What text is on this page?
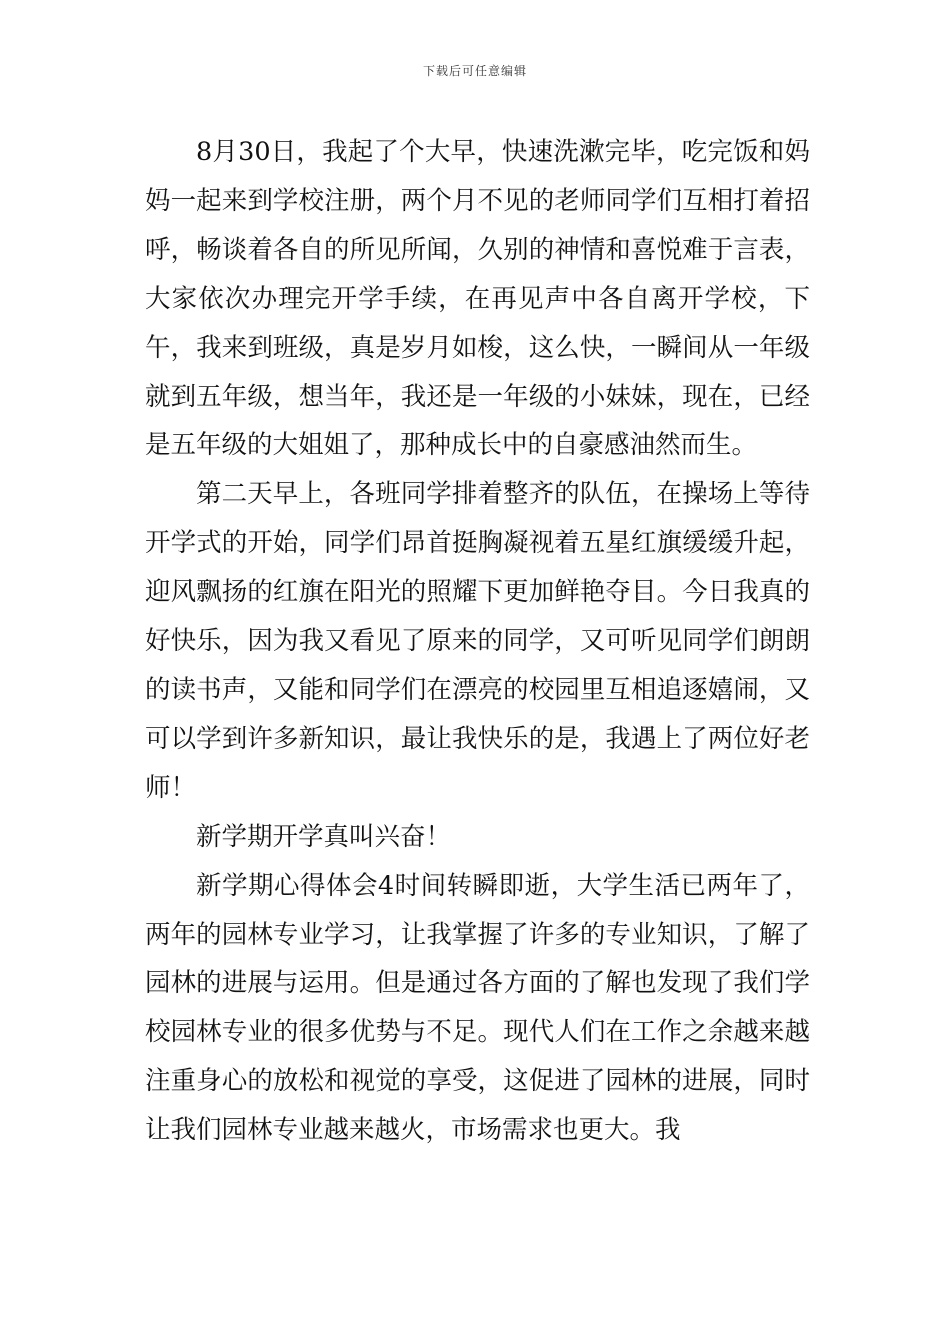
下载后可任意编辑

8月30日，我起了个大早，快速洗漱完毕，吃完饭和妈妈一起来到学校注册，两个月不见的老师同学们互相打着招呼，畅谈着各自的所见所闻，久别的神情和喜悦难于言表，大家依次办理完开学手续，在再见声中各自离开学校，下午，我来到班级，真是岁月如梭，这么快，一瞬间从一年级就到五年级，想当年，我还是一年级的小妹妹，现在，已经是五年级的大姐姐了，那种成长中的自豪感油然而生。

第二天早上，各班同学排着整齐的队伍，在操场上等待开学式的开始，同学们昂首挺胸凝视着五星红旗缓缓升起，迎风飘扬的红旗在阳光的照耀下更加鲜艳夺目。今日我真的好快乐，因为我又看见了原来的同学，又可听见同学们朗朗的读书声，又能和同学们在漂亮的校园里互相追逐嬉闹，又可以学到许多新知识，最让我快乐的是，我遇上了两位好老师！

新学期开学真叫兴奋！

新学期心得体会4时间转瞬即逝，大学生活已两年了，两年的园林专业学习，让我掌握了许多的专业知识，了解了园林的进展与运用。但是通过各方面的了解也发现了我们学校园林专业的很多优势与不足。现代人们在工作之余越来越注重身心的放松和视觉的享受，这促进了园林的进展，同时让我们园林专业越来越火，市场需求也更大。我
